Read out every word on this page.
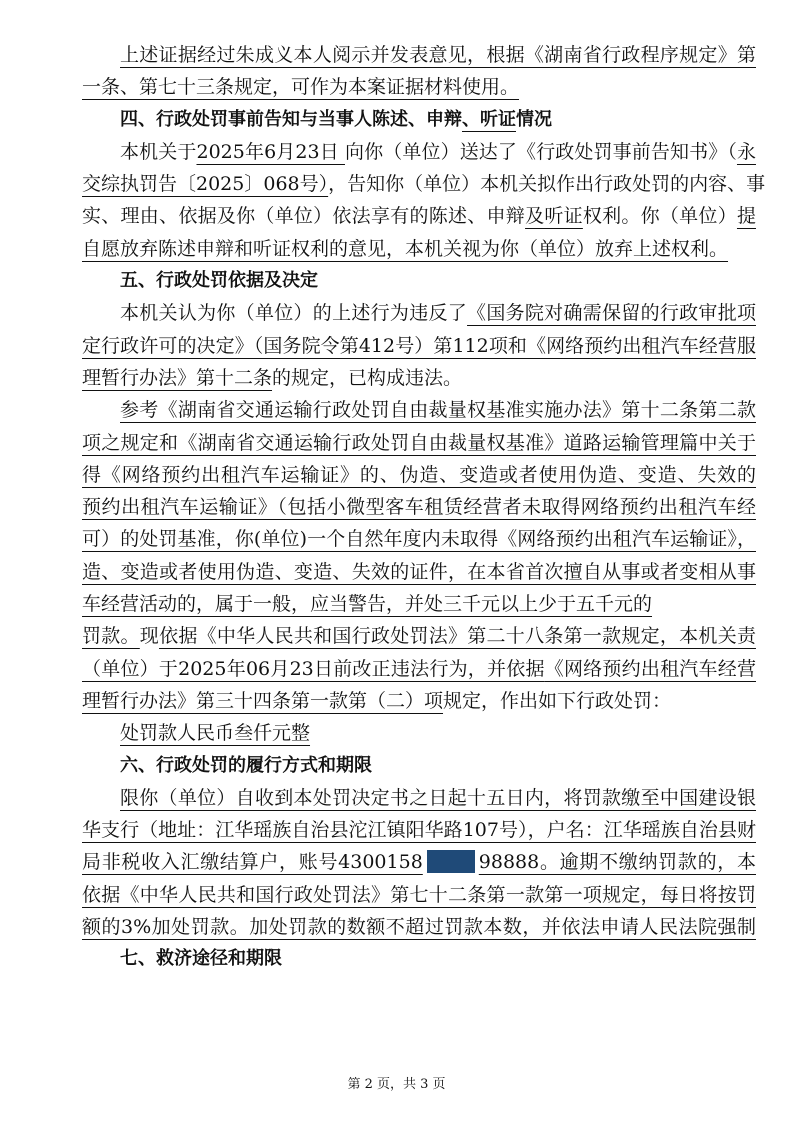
上述证据经过朱成义本人阅示并发表意见，根据《湖南省行政程序规定》第
一条、第七十三条规定，可作为本案证据材料使用。
四、行政处罚事前告知与当事人陈述、申辩、听证情况
本机关于2025年6月23日 向你（单位）送达了《行政处罚事前告知书》（永
交综执罚告〔2025〕068号），告知你（单位）本机关拟作出行政处罚的内容、事
实、理由、依据及你（单位）依法享有的陈述、申辩及听证权利。你（单位）提
自愿放弃陈述申辩和听证权利的意见，本机关视为你（单位）放弃上述权利。
五、行政处罚依据及决定
本机关认为你（单位）的上述行为违反了《国务院对确需保留的行政审批项
定行政许可的决定》（国务院令第412号）第112项和《网络预约出租汽车经营服
理暂行办法》第十二条的规定，已构成违法。
参考《湖南省交通运输行政处罚自由裁量权基准实施办法》第十二条第二款
项之规定和《湖南省交通运输行政处罚自由裁量权基准》道路运输管理篇中关于
得《网络预约出租汽车运输证》的、伪造、变造或者使用伪造、变造、失效的
预约出租汽车运输证》（包括小微型客车租赁经营者未取得网络预约出租汽车经
可）的处罚基准，你(单位)一个自然年度内未取得《网络预约出租汽车运输证》，
造、变造或者使用伪造、变造、失效的证件，在本省首次擅自从事或者变相从事
车经营活动的，属于一般，应当警告，并处三千元以上少于五千元的
罚款。现依据《中华人民共和国行政处罚法》第二十八条第一款规定，本机关责
（单位）于2025年06月23日前改正违法行为，并依据《网络预约出租汽车经营
理暂行办法》第三十四条第一款第（二）项规定，作出如下行政处罚：
处罚款人民币叁仟元整
六、行政处罚的履行方式和期限
限你（单位）自收到本处罚决定书之日起十五日内，将罚款缴至中国建设银
华支行（地址：江华瑶族自治县沱江镇阳华路107号），户名：江华瑶族自治县财
局非税收入汇缴结算户，账号4300158	98888。逾期不缴纳罚款的，本
依据《中华人民共和国行政处罚法》第七十二条第一款第一项规定，每日将按罚
额的3%加处罚款。加处罚款的数额不超过罚款本数，并依法申请人民法院强制
七、救济途径和期限
第 2 页，共 3 页
